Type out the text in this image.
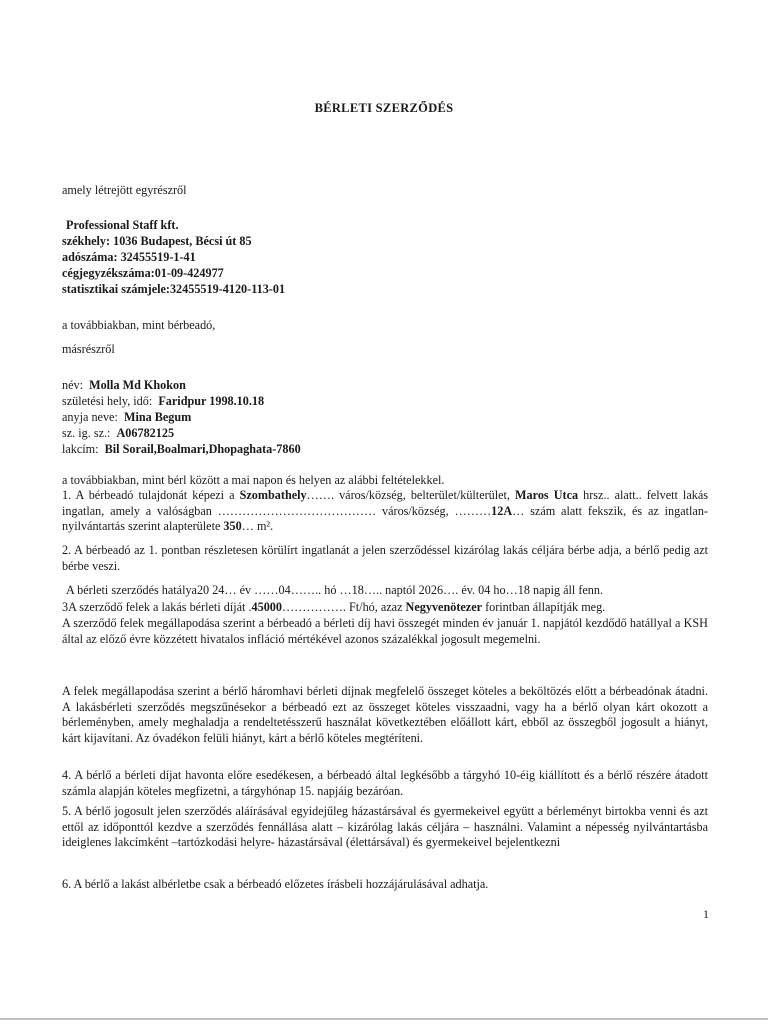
BÉRLETI SZERZŐDÉS
amely létrejött egyrészről
Professional Staff kft.
székhely: 1036 Budapest, Bécsi út 85
adószáma: 32455519-1-41
cégjegyzékszáma:01-09-424977
statisztikai számjele:32455519-4120-113-01
a továbbiakban, mint bérbeadó,
másrészről
név: Molla Md Khokon
születési hely, idő: Faridpur 1998.10.18
anyja neve: Mina Begum
sz. ig. sz.: A06782125
lakcím: Bil Sorail,Boalmari,Dhopaghata-7860
a továbbiakban, mint bérl között a mai napon és helyen az alábbi feltételekkel.
1. A bérbeadó tulajdonát képezi a Szombathely……. város/község, belterület/külterület, Maros Utca hrsz.. alatt.. felvett lakás ingatlan, amely a valóságban ………………………………… város/község, ………12A… szám alatt fekszik, és az ingatlan-nyilvántartás szerint alapterülete 350… m².
2. A bérbeadó az 1. pontban részletesen körülírt ingatlanát a jelen szerződéssel kizárólag lakás céljára bérbe adja, a bérlő pedig azt bérbe veszi.
A bérleti szerződés hatálya20 24… év ……04…….. hó …18….. naptól 2026…. év. 04 ho…18 napig áll fenn.
3A szerződő felek a lakás bérleti díját .45000……………. Ft/hó, azaz Negyvenötezer forintban állapítják meg.
A szerződő felek megállapodása szerint a bérbeadó a bérleti díj havi összegét minden év január 1. napjától kezdődő hatállyal a KSH által az előző évre közzétett hivatalos infláció mértékével azonos százalékkal jogosult megemelni.
A felek megállapodása szerint a bérlő háromhavi bérleti díjnak megfelelő összeget köteles a beköltözés előtt a bérbeadónak átadni. A lakásbérleti szerződés megszűnésekor a bérbeadó ezt az összeget köteles visszaadni, vagy ha a bérlő olyan kárt okozott a bérleményben, amely meghaladja a rendeltetésszerű használat következtében előállott kárt, ebből az összegből jogosult a hiányt, kárt kijavítani. Az óvadékon felüli hiányt, kárt a bérlő köteles megtéríteni.
4. A bérlő a bérleti díjat havonta előre esedékesen, a bérbeadó által legkésőbb a tárgyhó 10-éig kiállított és a bérlő részére átadott számla alapján köteles megfizetni, a tárgyhónap 15. napjáig bezáróan.
5. A bérlő jogosult jelen szerződés aláírásával egyidejűleg házastársával és gyermekeivel együtt a bérleményt birtokba venni és azt ettől az időponttól kezdve a szerződés fennállása alatt – kizárólag lakás céljára – használni. Valamint a népesség nyilvántartásba ideiglenes lakcímként –tartózkodási helyre- házastársával (élettársával) és gyermekeivel bejelentkezni
6. A bérlő a lakást albérletbe csak a bérbeadó előzetes írásbeli hozzájárulásával adhatja.
1
